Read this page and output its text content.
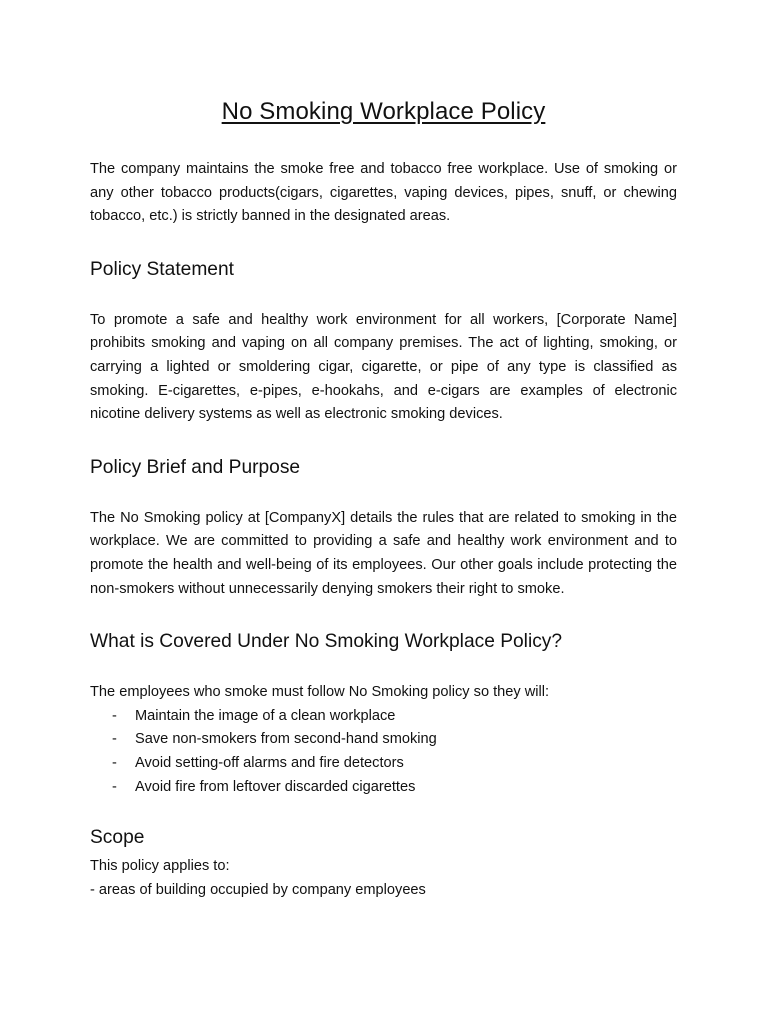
No Smoking Workplace Policy

The company maintains the smoke free and tobacco free workplace. Use of smoking or any other tobacco products(cigars, cigarettes, vaping devices, pipes, snuff, or chewing tobacco, etc.) is strictly banned in the designated areas.

Policy Statement

To promote a safe and healthy work environment for all workers, [Corporate Name] prohibits smoking and vaping on all company premises. The act of lighting, smoking, or carrying a lighted or smoldering cigar, cigarette, or pipe of any type is classified as smoking. E-cigarettes, e-pipes, e-hookahs, and e-cigars are examples of electronic nicotine delivery systems as well as electronic smoking devices.

Policy Brief and Purpose

The No Smoking policy at [CompanyX] details the rules that are related to smoking in the workplace. We are committed to providing a safe and healthy work environment and to promote the health and well-being of its employees. Our other goals include protecting the non-smokers without unnecessarily denying smokers their right to smoke.

What is Covered Under No Smoking Workplace Policy?

The employees who smoke must follow No Smoking policy so they will:

- Maintain the image of a clean workplace
- Save non-smokers from second-hand smoking
- Avoid setting-off alarms and fire detectors
- Avoid fire from leftover discarded cigarettes
Scope

This policy applies to:

- areas of building occupied by company employees
